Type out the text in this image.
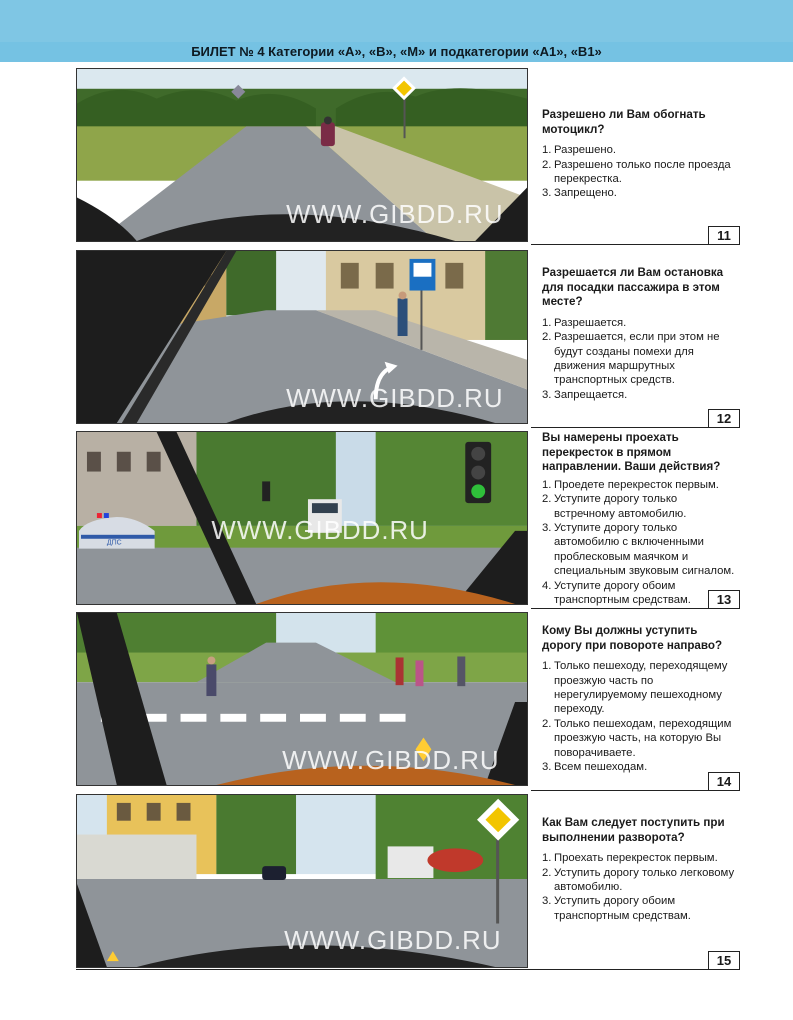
БИЛЕТ № 4 Категории «А», «В», «М» и подкатегории «А1», «В1»
WWW.GIBDD.RU

Разрешено ли Вам обогнать мотоцикл?

1. Разрешено.
2. Разрешено только после проезда перекрестка.
3. Запрещено.
11
WWW.GIBDD.RU

Разрешается ли Вам остановка для посадки пассажира в этом месте?

1. Разрешается.
2. Разрешается, если при этом не будут созданы помехи для движения маршрутных транспортных средств.
3. Запрещается.
12
ДПС	WWW.GIBDD.RU

Вы намерены проехать перекресток в прямом направлении. Ваши действия?

1. Проедете перекресток первым.
2. Уступите дорогу только встречному автомобилю.
3. Уступите дорогу только автомобилю с включенными проблесковым маячком и специальным звуковым сигналом.
4. Уступите дорогу обоим транспортным средствам.	13
WWW.GIBDD.RU

Кому Вы должны уступить дорогу при повороте направо?

1. Только пешеходу, переходящему проезжую часть по нерегулируемому пешеходному переходу.
2. Только пешеходам, переходящим проезжую часть, на которую Вы поворачиваете.
3. Всем пешеходам.
14
WWW.GIBDD.RU

Как Вам следует поступить при выполнении разворота?

1. Проехать перекресток первым.
2. Уступить дорогу только легковому автомобилю.
3. Уступить дорогу обоим транспортным средствам.
15
